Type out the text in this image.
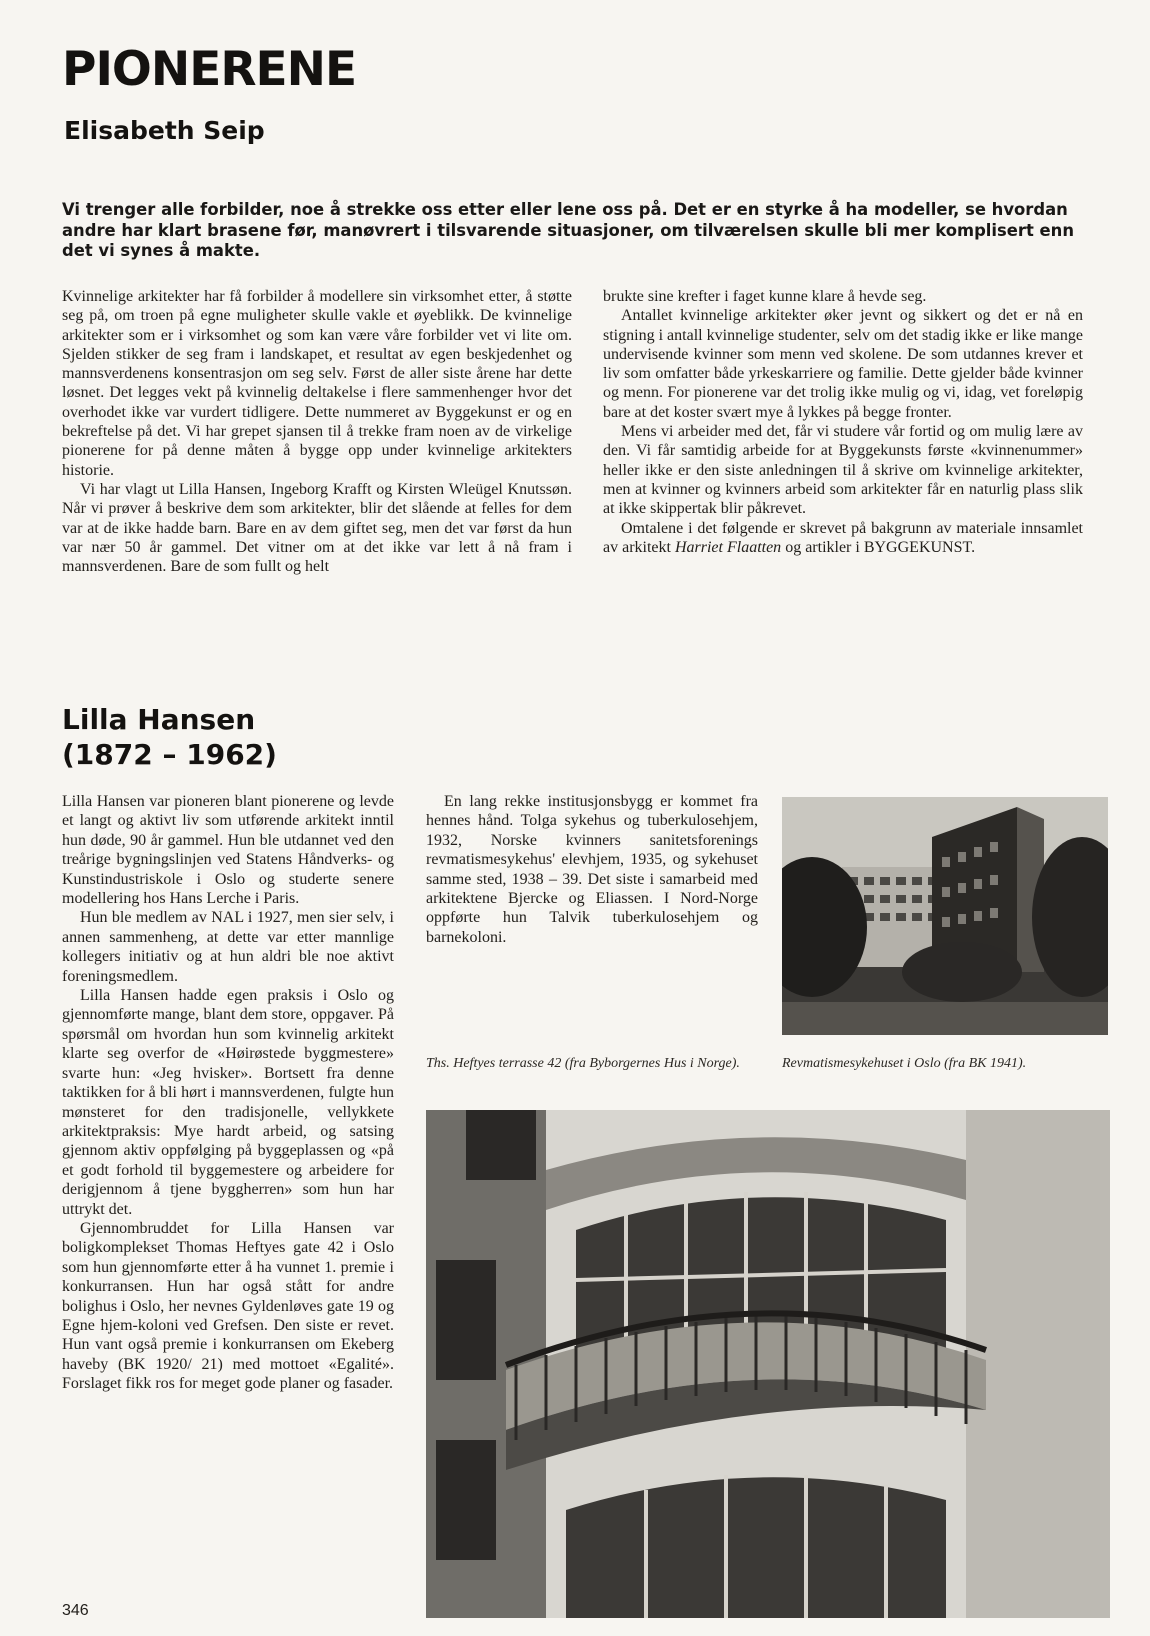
PIONERENE
Elisabeth Seip

Vi trenger alle forbilder, noe å strekke oss etter eller lene oss på. Det er en styrke å ha modeller, se hvordan andre har klart brasene før, manøvrert i tilsvarende situasjoner, om tilværelsen skulle bli mer komplisert enn det vi synes å makte.

Kvinnelige arkitekter har få forbilder å modellere sin virksomhet etter, å støtte seg på, om troen på egne muligheter skulle vakle et øyeblikk. De kvinnelige arkitekter som er i virksomhet og som kan være våre forbilder vet vi lite om. Sjelden stikker de seg fram i landskapet, et resultat av egen beskjedenhet og mannsverdenens konsentrasjon om seg selv. Først de aller siste årene har dette løsnet. Det legges vekt på kvinnelig deltakelse i flere sammenhenger hvor det overhodet ikke var vurdert tidligere. Dette nummeret av Byggekunst er og en bekreftelse på det. Vi har grepet sjansen til å trekke fram noen av de virkelige pionerene for på denne måten å bygge opp under kvinnelige arkitekters historie.

Vi har vlagt ut Lilla Hansen, Ingeborg Krafft og Kirsten Wleügel Knutssøn. Når vi prøver å beskrive dem som arkitekter, blir det slående at felles for dem var at de ikke hadde barn. Bare en av dem giftet seg, men det var først da hun var nær 50 år gammel. Det vitner om at det ikke var lett å nå fram i mannsverdenen. Bare de som fullt og helt

brukte sine krefter i faget kunne klare å hevde seg.

Antallet kvinnelige arkitekter øker jevnt og sikkert og det er nå en stigning i antall kvinnelige studenter, selv om det stadig ikke er like mange undervisende kvinner som menn ved skolene. De som utdannes krever et liv som omfatter både yrkeskarriere og familie. Dette gjelder både kvinner og menn. For pionerene var det trolig ikke mulig og vi, idag, vet foreløpig bare at det koster svært mye å lykkes på begge fronter.

Mens vi arbeider med det, får vi studere vår fortid og om mulig lære av den. Vi får samtidig arbeide for at Byggekunsts første «kvinnenummer» heller ikke er den siste anledningen til å skrive om kvinnelige arkitekter, men at kvinner og kvinners arbeid som arkitekter får en naturlig plass slik at ikke skippertak blir påkrevet.

Omtalene i det følgende er skrevet på bakgrunn av materiale innsamlet av arkitekt Harriet Flaatten og artikler i BYGGEKUNST.

Lilla Hansen
(1872 – 1962)

Lilla Hansen var pioneren blant pionerene og levde et langt og aktivt liv som utførende arkitekt inntil hun døde, 90 år gammel. Hun ble utdannet ved den treårige bygningslinjen ved Statens Håndverks- og Kunstindustriskole i Oslo og studerte senere modellering hos Hans Lerche i Paris.

Hun ble medlem av NAL i 1927, men sier selv, i annen sammenheng, at dette var etter mannlige kollegers initiativ og at hun aldri ble noe aktivt foreningsmedlem.

Lilla Hansen hadde egen praksis i Oslo og gjennomførte mange, blant dem store, oppgaver. På spørsmål om hvordan hun som kvinnelig arkitekt klarte seg overfor de «Høirøstede byggmestere» svarte hun: «Jeg hvisker». Bortsett fra denne taktikken for å bli hørt i mannsverdenen, fulgte hun mønsteret for den tradisjonelle, vellykkete arkitektpraksis: Mye hardt arbeid, og satsing gjennom aktiv oppfølging på byggeplassen og «på et godt forhold til byggemestere og arbeidere for derigjennom å tjene byggherren» som hun har uttrykt det.

Gjennombruddet for Lilla Hansen var boligkomplekset Thomas Heftyes gate 42 i Oslo som hun gjennomførte etter å ha vunnet 1. premie i konkurransen. Hun har også stått for andre bolighus i Oslo, her nevnes Gyldenløves gate 19 og Egne hjem-koloni ved Grefsen. Den siste er revet. Hun vant også premie i konkurransen om Ekeberg haveby (BK 1920/ 21) med mottoet «Egalité». Forslaget fikk ros for meget gode planer og fasader.

En lang rekke institusjonsbygg er kommet fra hennes hånd. Tolga sykehus og tuberkulosehjem, 1932, Norske kvinners sanitetsforenings revmatismesykehus' elevhjem, 1935, og sykehuset samme sted, 1938 – 39. Det siste i samarbeid med arkitektene Bjercke og Eliassen. I Nord-Norge oppførte hun Talvik tuberkulosehjem og barnekoloni.

Ths. Heftyes terrasse 42 (fra Byborgernes Hus i Norge).	Revmatismesykehuset i Oslo (fra BK 1941).

346
